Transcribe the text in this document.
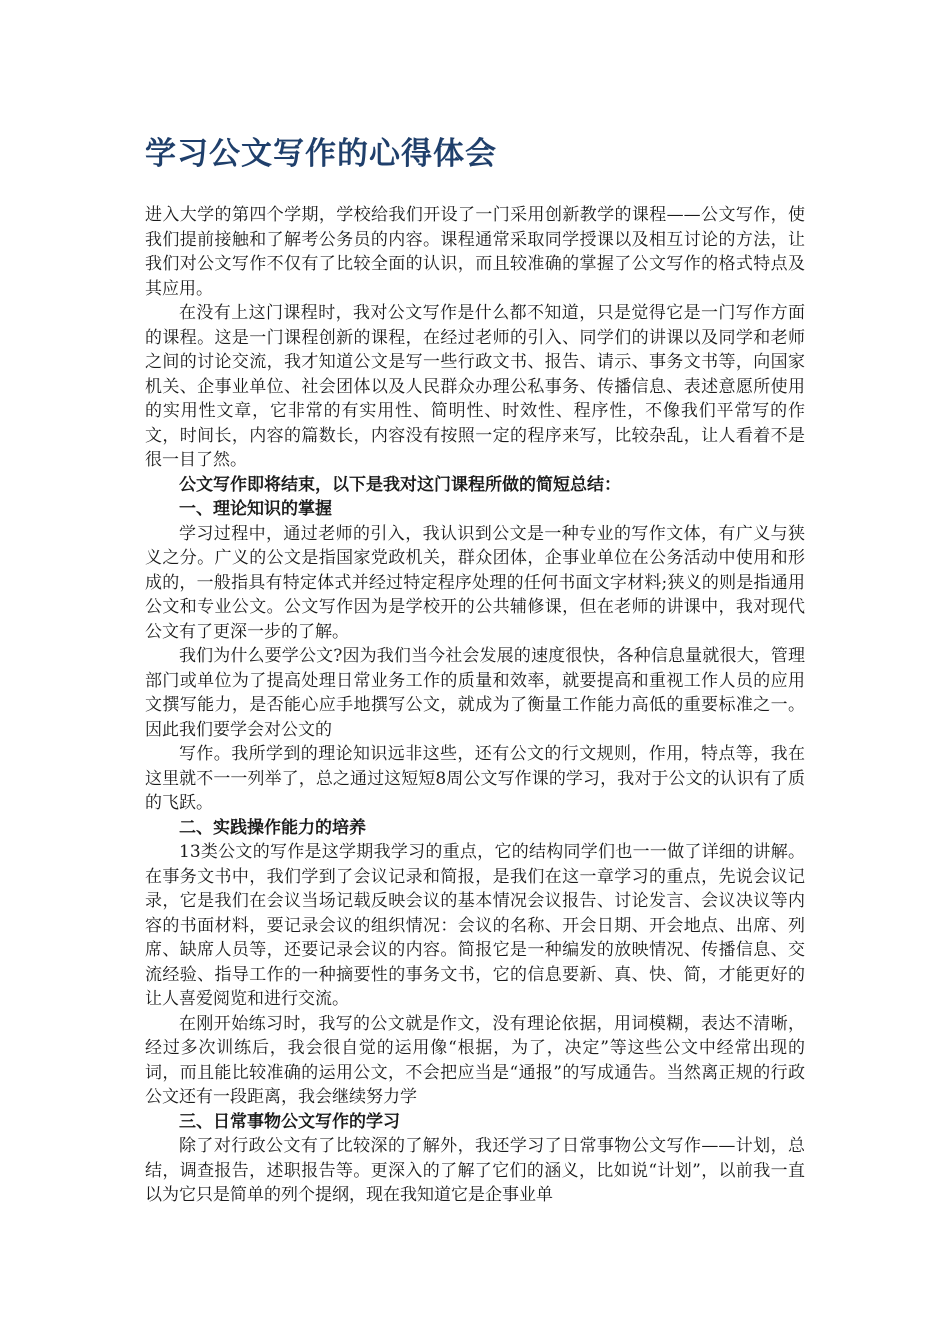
学习公文写作的心得体会

进入大学的第四个学期，学校给我们开设了一门采用创新教学的课程——公文写作，使我们提前接触和了解考公务员的内容。课程通常采取同学授课以及相互讨论的方法，让我们对公文写作不仅有了比较全面的认识，而且较准确的掌握了公文写作的格式特点及其应用。

在没有上这门课程时，我对公文写作是什么都不知道，只是觉得它是一门写作方面的课程。这是一门课程创新的课程，在经过老师的引入、同学们的讲课以及同学和老师之间的讨论交流，我才知道公文是写一些行政文书、报告、请示、事务文书等，向国家机关、企事业单位、社会团体以及人民群众办理公私事务、传播信息、表述意愿所使用的实用性文章，它非常的有实用性、简明性、时效性、程序性，不像我们平常写的作文，时间长，内容的篇数长，内容没有按照一定的程序来写，比较杂乱，让人看着不是很一目了然。

公文写作即将结束，以下是我对这门课程所做的简短总结：

一、理论知识的掌握

学习过程中，通过老师的引入，我认识到公文是一种专业的写作文体，有广义与狭义之分。广义的公文是指国家党政机关，群众团体，企事业单位在公务活动中使用和形成的，一般指具有特定体式并经过特定程序处理的任何书面文字材料;狭义的则是指通用公文和专业公文。公文写作因为是学校开的公共辅修课，但在老师的讲课中，我对现代公文有了更深一步的了解。

我们为什么要学公文?因为我们当今社会发展的速度很快，各种信息量就很大，管理部门或单位为了提高处理日常业务工作的质量和效率，就要提高和重视工作人员的应用文撰写能力，是否能心应手地撰写公文，就成为了衡量工作能力高低的重要标准之一。因此我们要学会对公文的

写作。我所学到的理论知识远非这些，还有公文的行文规则，作用，特点等，我在这里就不一一列举了，总之通过这短短8周公文写作课的学习，我对于公文的认识有了质的飞跃。

二、实践操作能力的培养

13类公文的写作是这学期我学习的重点，它的结构同学们也一一做了详细的讲解。在事务文书中，我们学到了会议记录和简报，是我们在这一章学习的重点，先说会议记录，它是我们在会议当场记载反映会议的基本情况会议报告、讨论发言、会议决议等内容的书面材料，要记录会议的组织情况：会议的名称、开会日期、开会地点、出席、列席、缺席人员等，还要记录会议的内容。简报它是一种编发的放映情况、传播信息、交流经验、指导工作的一种摘要性的事务文书，它的信息要新、真、快、简，才能更好的让人喜爱阅览和进行交流。

在刚开始练习时，我写的公文就是作文，没有理论依据，用词模糊，表达不清晰，经过多次训练后，我会很自觉的运用像“根据，为了，决定”等这些公文中经常出现的词，而且能比较准确的运用公文，不会把应当是“通报”的写成通告。当然离正规的行政公文还有一段距离，我会继续努力学

三、日常事物公文写作的学习

除了对行政公文有了比较深的了解外，我还学习了日常事物公文写作——计划，总结，调查报告，述职报告等。更深入的了解了它们的涵义，比如说“计划”，以前我一直以为它只是简单的列个提纲，现在我知道它是企事业单
